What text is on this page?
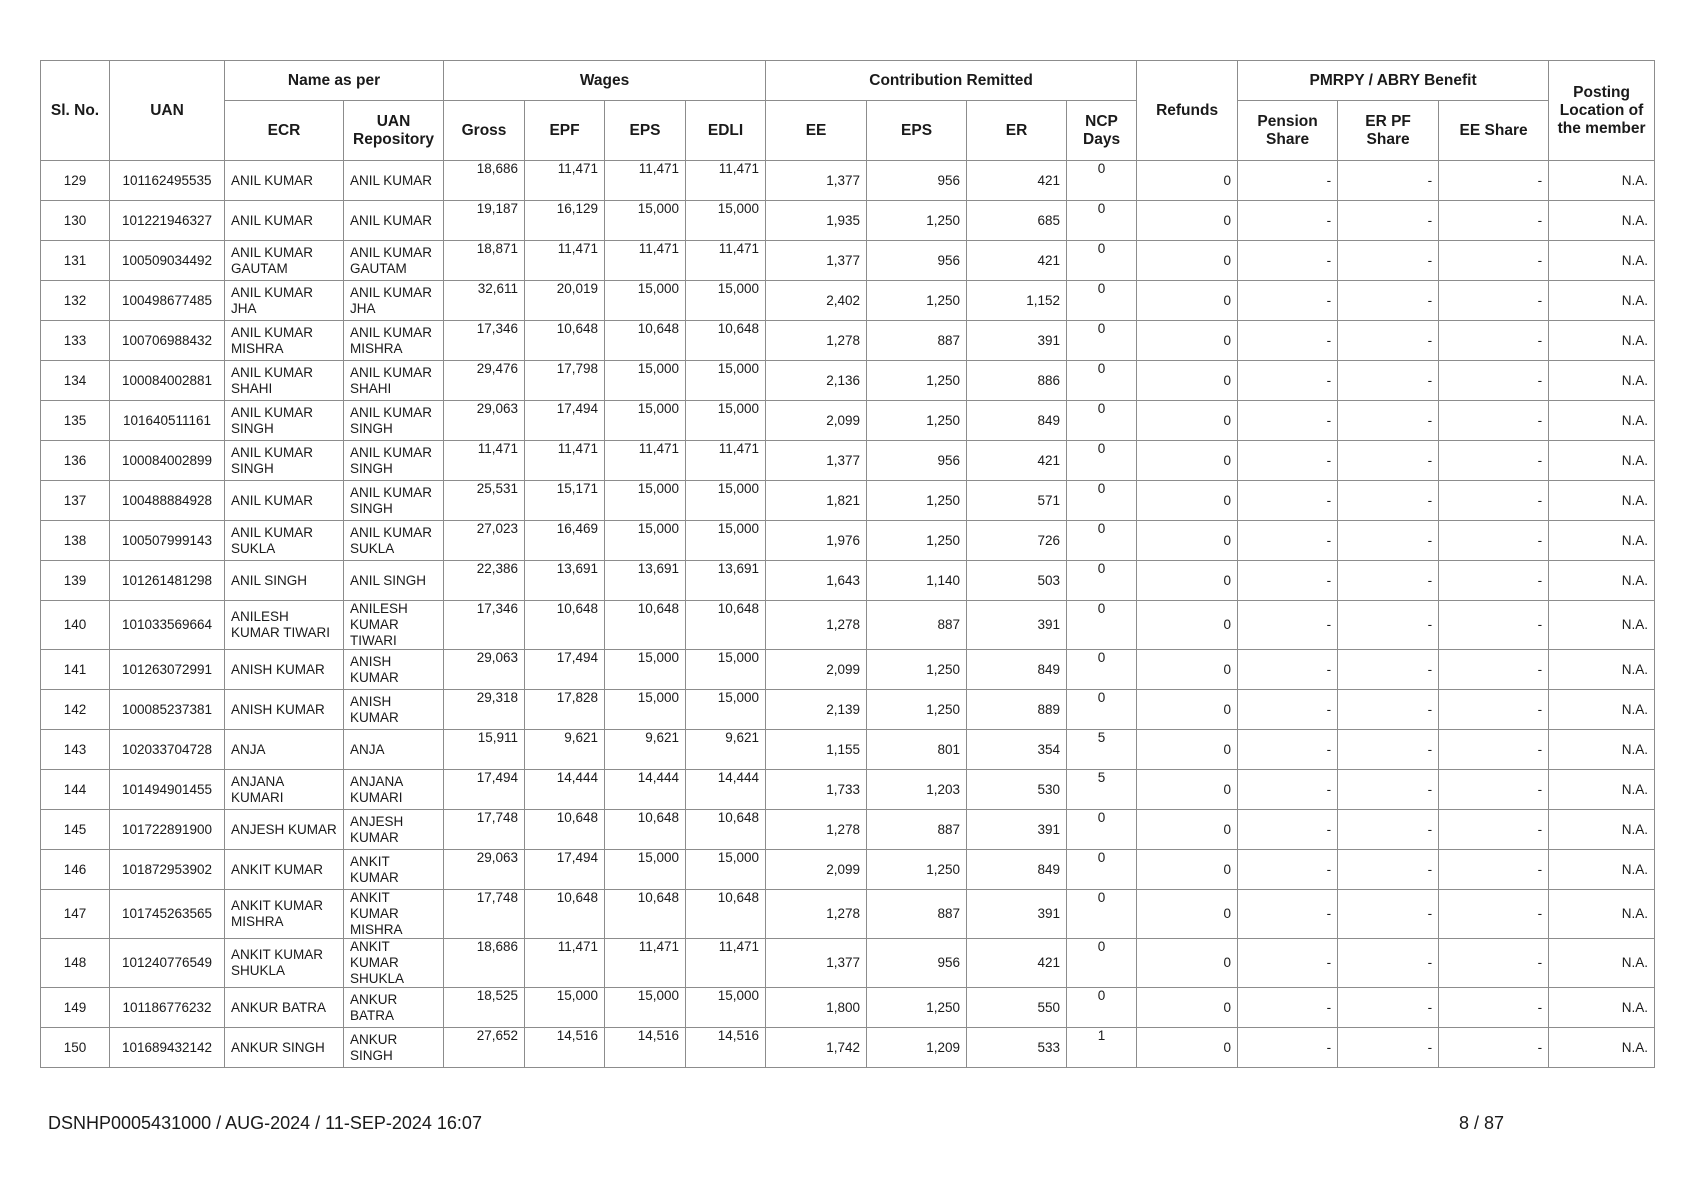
Sl. No.	UAN	Name as per		Wages				Contribution Remitted				Refunds	PMRPY / ABRY Benefit			Posting Location of the member
		ECR	UAN Repository	Gross	EPF	EPS	EDLI	EE	EPS	ER	NCP Days		Pension Share	ER PF Share	EE Share	
129	101162495535	ANIL KUMAR	ANIL KUMAR	18,686	11,471	11,471	11,471	1,377	956	421	0	0	-	-	-	N.A.
130	101221946327	ANIL KUMAR	ANIL KUMAR	19,187	16,129	15,000	15,000	1,935	1,250	685	0	0	-	-	-	N.A.
131	100509034492	ANIL KUMAR GAUTAM	ANIL KUMAR GAUTAM	18,871	11,471	11,471	11,471	1,377	956	421	0	0	-	-	-	N.A.
132	100498677485	ANIL KUMAR JHA	ANIL KUMAR JHA	32,611	20,019	15,000	15,000	2,402	1,250	1,152	0	0	-	-	-	N.A.
133	100706988432	ANIL KUMAR MISHRA	ANIL KUMAR MISHRA	17,346	10,648	10,648	10,648	1,278	887	391	0	0	-	-	-	N.A.
134	100084002881	ANIL KUMAR SHAHI	ANIL KUMAR SHAHI	29,476	17,798	15,000	15,000	2,136	1,250	886	0	0	-	-	-	N.A.
135	101640511161	ANIL KUMAR SINGH	ANIL KUMAR SINGH	29,063	17,494	15,000	15,000	2,099	1,250	849	0	0	-	-	-	N.A.
136	100084002899	ANIL KUMAR SINGH	ANIL KUMAR SINGH	11,471	11,471	11,471	11,471	1,377	956	421	0	0	-	-	-	N.A.
137	100488884928	ANIL KUMAR	ANIL KUMAR SINGH	25,531	15,171	15,000	15,000	1,821	1,250	571	0	0	-	-	-	N.A.
138	100507999143	ANIL KUMAR SUKLA	ANIL KUMAR SUKLA	27,023	16,469	15,000	15,000	1,976	1,250	726	0	0	-	-	-	N.A.
139	101261481298	ANIL SINGH	ANIL SINGH	22,386	13,691	13,691	13,691	1,643	1,140	503	0	0	-	-	-	N.A.
140	101033569664	ANILESH KUMAR TIWARI	ANILESH KUMAR TIWARI	17,346	10,648	10,648	10,648	1,278	887	391	0	0	-	-	-	N.A.
141	101263072991	ANISH KUMAR	ANISH KUMAR	29,063	17,494	15,000	15,000	2,099	1,250	849	0	0	-	-	-	N.A.
142	100085237381	ANISH KUMAR	ANISH KUMAR	29,318	17,828	15,000	15,000	2,139	1,250	889	0	0	-	-	-	N.A.
143	102033704728	ANJA	ANJA	15,911	9,621	9,621	9,621	1,155	801	354	5	0	-	-	-	N.A.
144	101494901455	ANJANA KUMARI	ANJANA KUMARI	17,494	14,444	14,444	14,444	1,733	1,203	530	5	0	-	-	-	N.A.
145	101722891900	ANJESH KUMAR	ANJESH KUMAR	17,748	10,648	10,648	10,648	1,278	887	391	0	0	-	-	-	N.A.
146	101872953902	ANKIT KUMAR	ANKIT KUMAR	29,063	17,494	15,000	15,000	2,099	1,250	849	0	0	-	-	-	N.A.
147	101745263565	ANKIT KUMAR MISHRA	ANKIT KUMAR MISHRA	17,748	10,648	10,648	10,648	1,278	887	391	0	0	-	-	-	N.A.
148	101240776549	ANKIT KUMAR SHUKLA	ANKIT KUMAR SHUKLA	18,686	11,471	11,471	11,471	1,377	956	421	0	0	-	-	-	N.A.
149	101186776232	ANKUR BATRA	ANKUR BATRA	18,525	15,000	15,000	15,000	1,800	1,250	550	0	0	-	-	-	N.A.
150	101689432142	ANKUR SINGH	ANKUR SINGH	27,652	14,516	14,516	14,516	1,742	1,209	533	1	0	-	-	-	N.A.
DSNHP0005431000 / AUG-2024 / 11-SEP-2024 16:07	8 / 87
